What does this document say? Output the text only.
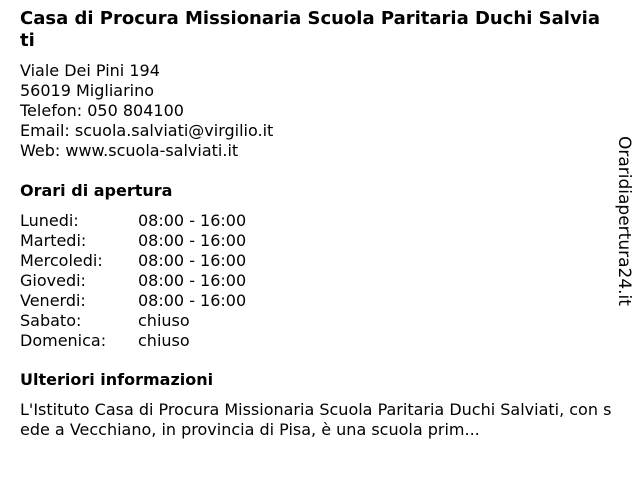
Casa di Procura Missionaria Scuola Paritaria Duchi Salviati
Viale Dei Pini 194
56019 Migliarino
Telefon: 050 804100
Email: scuola.salviati@virgilio.it
Web: www.scuola-salviati.it
Orari di apertura
Lunedi:	08:00 - 16:00
Martedi:	08:00 - 16:00
Mercoledi:	08:00 - 16:00
Giovedi:	08:00 - 16:00
Venerdi:	08:00 - 16:00
Sabato:	chiuso
Domenica:	chiuso
Ulteriori informazioni
L'Istituto Casa di Procura Missionaria Scuola Paritaria Duchi Salviati, con sede a Vecchiano, in provincia di Pisa, è una scuola prim...
Oraridiapertura24.it
